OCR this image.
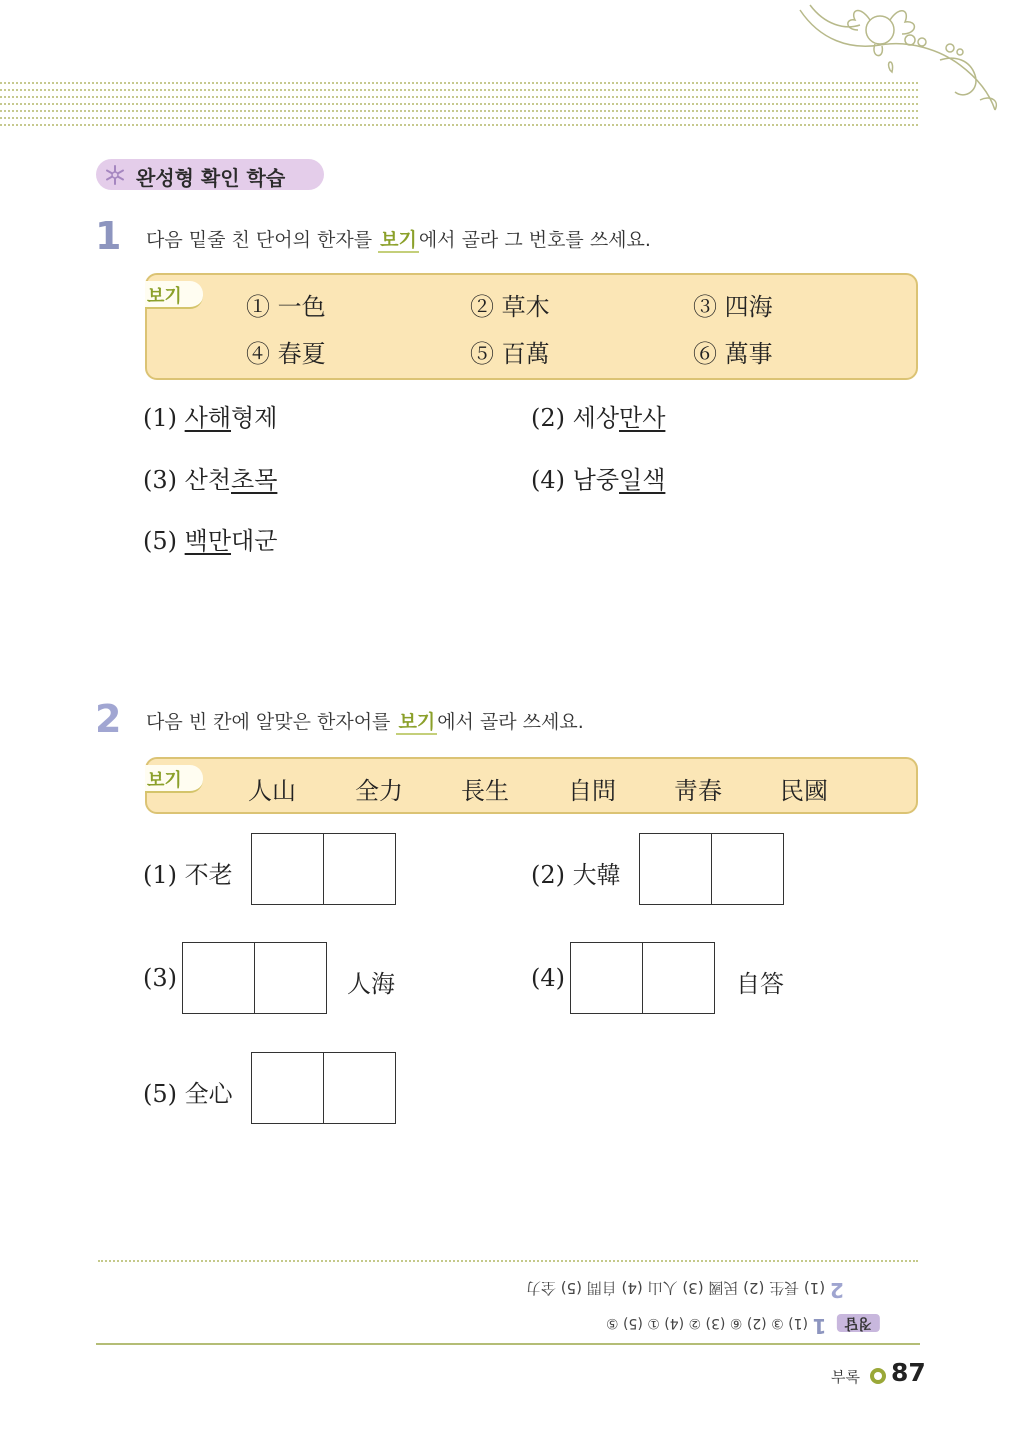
완성형 확인 학습
1 다음 밑줄 친 단어의 한자를 보기 에서 골라 그 번호를 쓰세요.
보기	① 一色	② 草木	③ 四海
④ 春夏	⑤ 百萬	⑥ 萬事
(1) 사해형제	(2) 세상만사
(3) 산천초목	(4) 남중일색
(5) 백만대군
2 다음 빈 칸에 알맞은 한자어를 보기 에서 골라 쓰세요.
보기	人山 全力 長生 自問 靑春 民國
(1) 不老	(2) 大韓
(3)	人海	(4)	自答
(5) 全心
2 (1) 長生 (2) 民國 (3) 人山 (4) 自問 (5) 全力
정답 1 (1) ③ (2) ⑥ (3) ② (4) ① (5) ⑤
부록 87
